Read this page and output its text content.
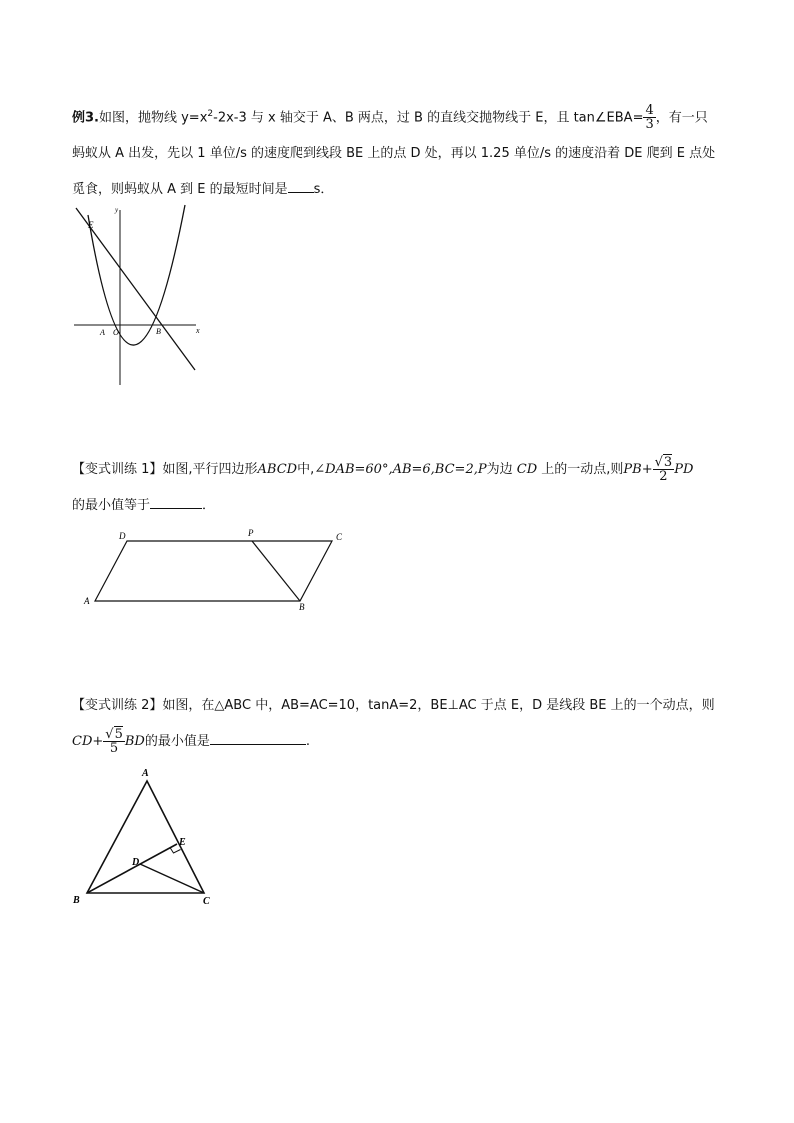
例3.如图，抛物线 $y=x^2-2x-3$ 与 x 轴交于 A、B 两点，过 B 的直线交抛物线于 E，且 tan∠EBA= $\frac{4}{3}$ ，有一只
蚂蚁从 A 出发，先以 1 单位/s 的速度爬到线段 BE 上的点 D 处，再以 1.25 单位/s 的速度沿着 DE 爬到 E 点处
觅食，则蚂蚁从 A 到 E 的最短时间是 s．
E
y
A O	B	x
【变式训练 1】如图,平行四边形ABCD中,∠DAB=60°,AB=6,BC=2,P为边 CD 上的一动点,则$PB+ \frac{√3}{2}$ PD
的最小值等于	．
D	P	C
A
B
【变式训练 2】如图，在△ABC 中，AB=AC=10，tanA=2，BE⊥AC 于点 E，D 是线段 BE 上的一个动点，则
$CD+ \frac{√5}{5}$ BD的最小值是	.
A
E
D
B	C
